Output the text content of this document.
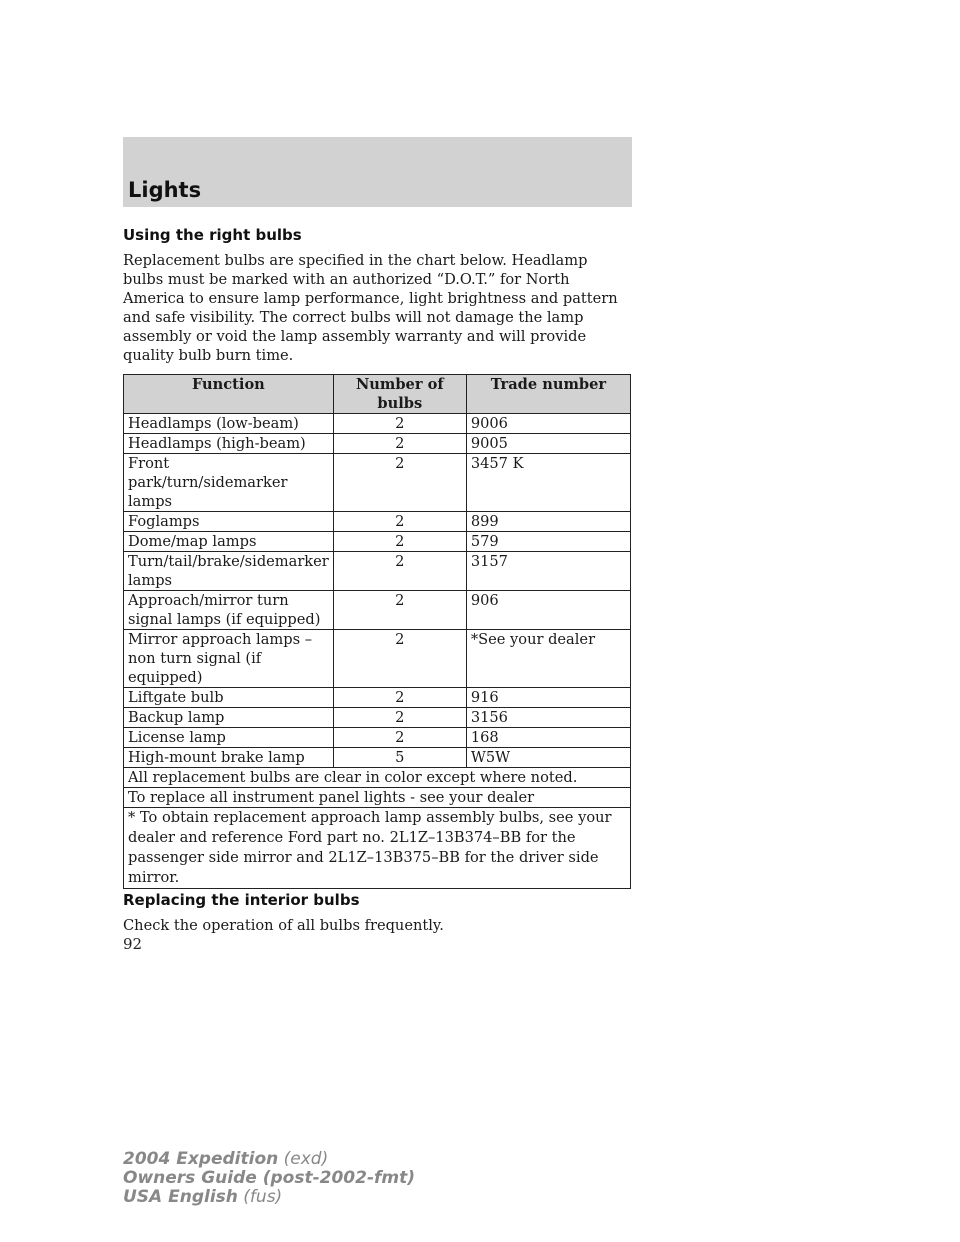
Lights
Using the right bulbs

Replacement bulbs are specified in the chart below. Headlamp bulbs must be marked with an authorized “D.O.T.” for North America to ensure lamp performance, light brightness and pattern and safe visibility. The correct bulbs will not damage the lamp assembly or void the lamp assembly warranty and will provide quality bulb burn time.

Function	Number of bulbs	Trade number
Headlamps (low-beam)	2	9006
Headlamps (high-beam)	2	9005
Front park/turn/sidemarker lamps	2	3457 K
Foglamps	2	899
Dome/map lamps	2	579
Turn/tail/brake/sidemarker lamps	2	3157
Approach/mirror turn signal lamps (if equipped)	2	906
Mirror approach lamps – non turn signal (if equipped)	2	*See your dealer
Liftgate bulb	2	916
Backup lamp	2	3156
License lamp	2	168
High-mount brake lamp	5	W5W
All replacement bulbs are clear in color except where noted.		
To replace all instrument panel lights - see your dealer		
* To obtain replacement approach lamp assembly bulbs, see your dealer and reference Ford part no. 2L1Z–13B374–BB for the passenger side mirror and 2L1Z–13B375–BB for the driver side mirror.		
Replacing the interior bulbs

Check the operation of all bulbs frequently.

92
2004 Expedition (exd)
Owners Guide (post-2002-fmt)
USA English (fus)
